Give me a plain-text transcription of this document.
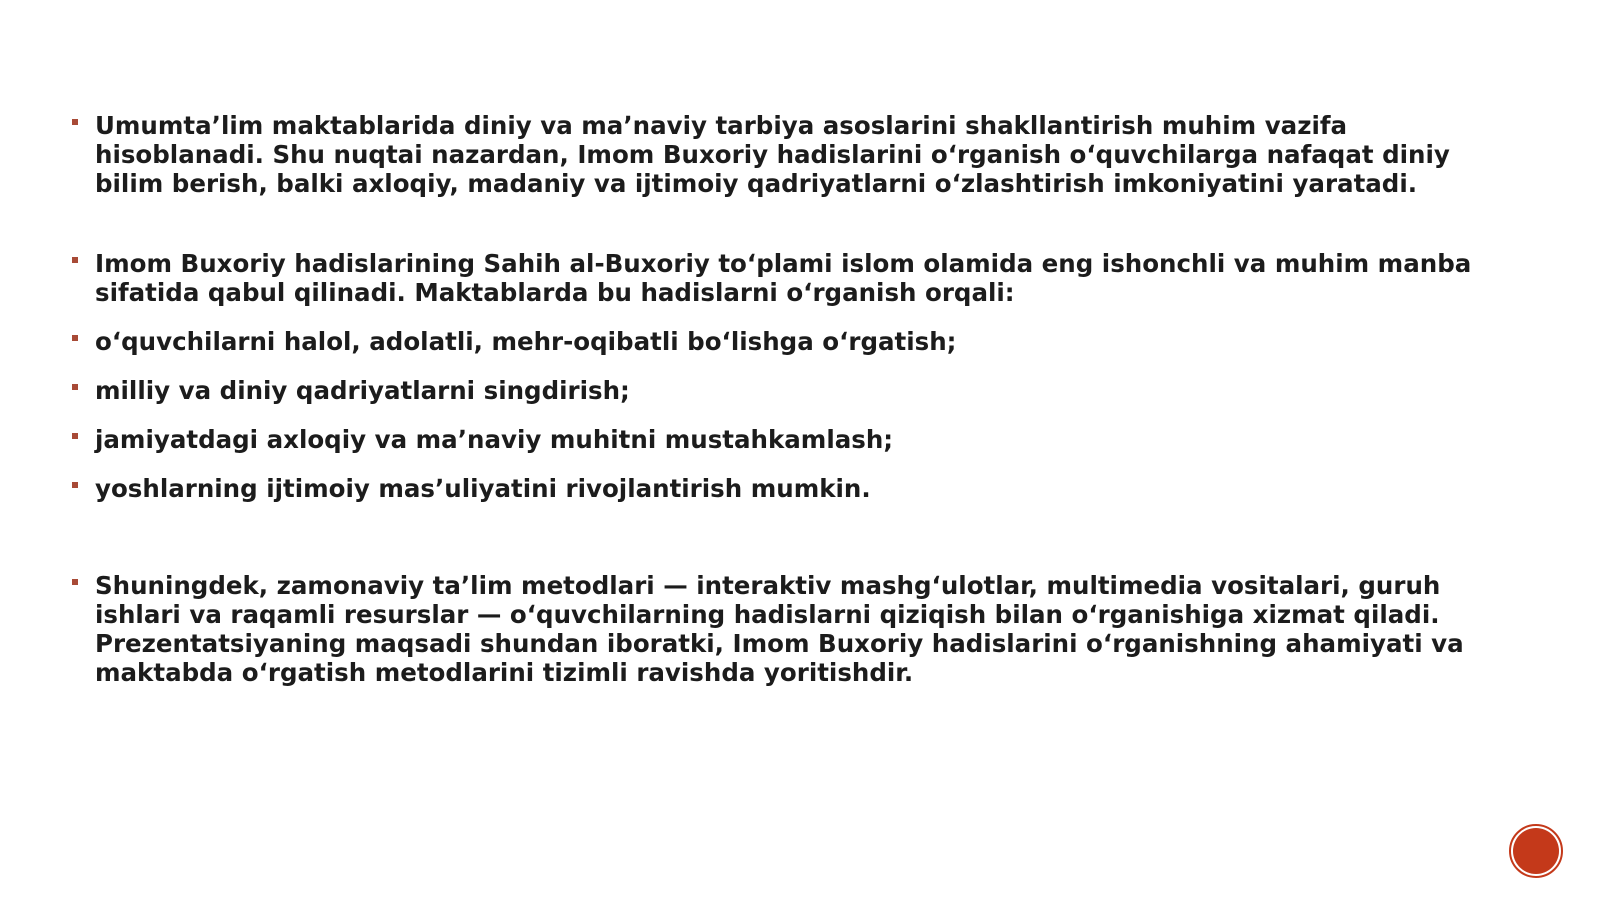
Umumtaʼlim maktablarida diniy va maʼnaviy tarbiya asoslarini shakllantirish muhim vazifa hisoblanadi. Shu nuqtai nazardan, Imom Buxoriy hadislarini oʻrganish oʻquvchilarga nafaqat diniy bilim berish, balki axloqiy, madaniy va ijtimoiy qadriyatlarni oʻzlashtirish imkoniyatini yaratadi.
Imom Buxoriy hadislarining Sahih al-Buxoriy toʻplami islom olamida eng ishonchli va muhim manba sifatida qabul qilinadi. Maktablarda bu hadislarni oʻrganish orqali:
oʻquvchilarni halol, adolatli, mehr-oqibatli boʻlishga oʻrgatish;
milliy va diniy qadriyatlarni singdirish;
jamiyatdagi axloqiy va maʼnaviy muhitni mustahkamlash;
yoshlarning ijtimoiy masʼuliyatini rivojlantirish mumkin.
Shuningdek, zamonaviy taʼlim metodlari — interaktiv mashgʻulotlar, multimedia vositalari, guruh ishlari va raqamli resurslar — oʻquvchilarning hadislarni qiziqish bilan oʻrganishiga xizmat qiladi. Prezentatsiyaning maqsadi shundan iboratki, Imom Buxoriy hadislarini oʻrganishning ahamiyati va maktabda oʻrgatish metodlarini tizimli ravishda yoritishdir.
